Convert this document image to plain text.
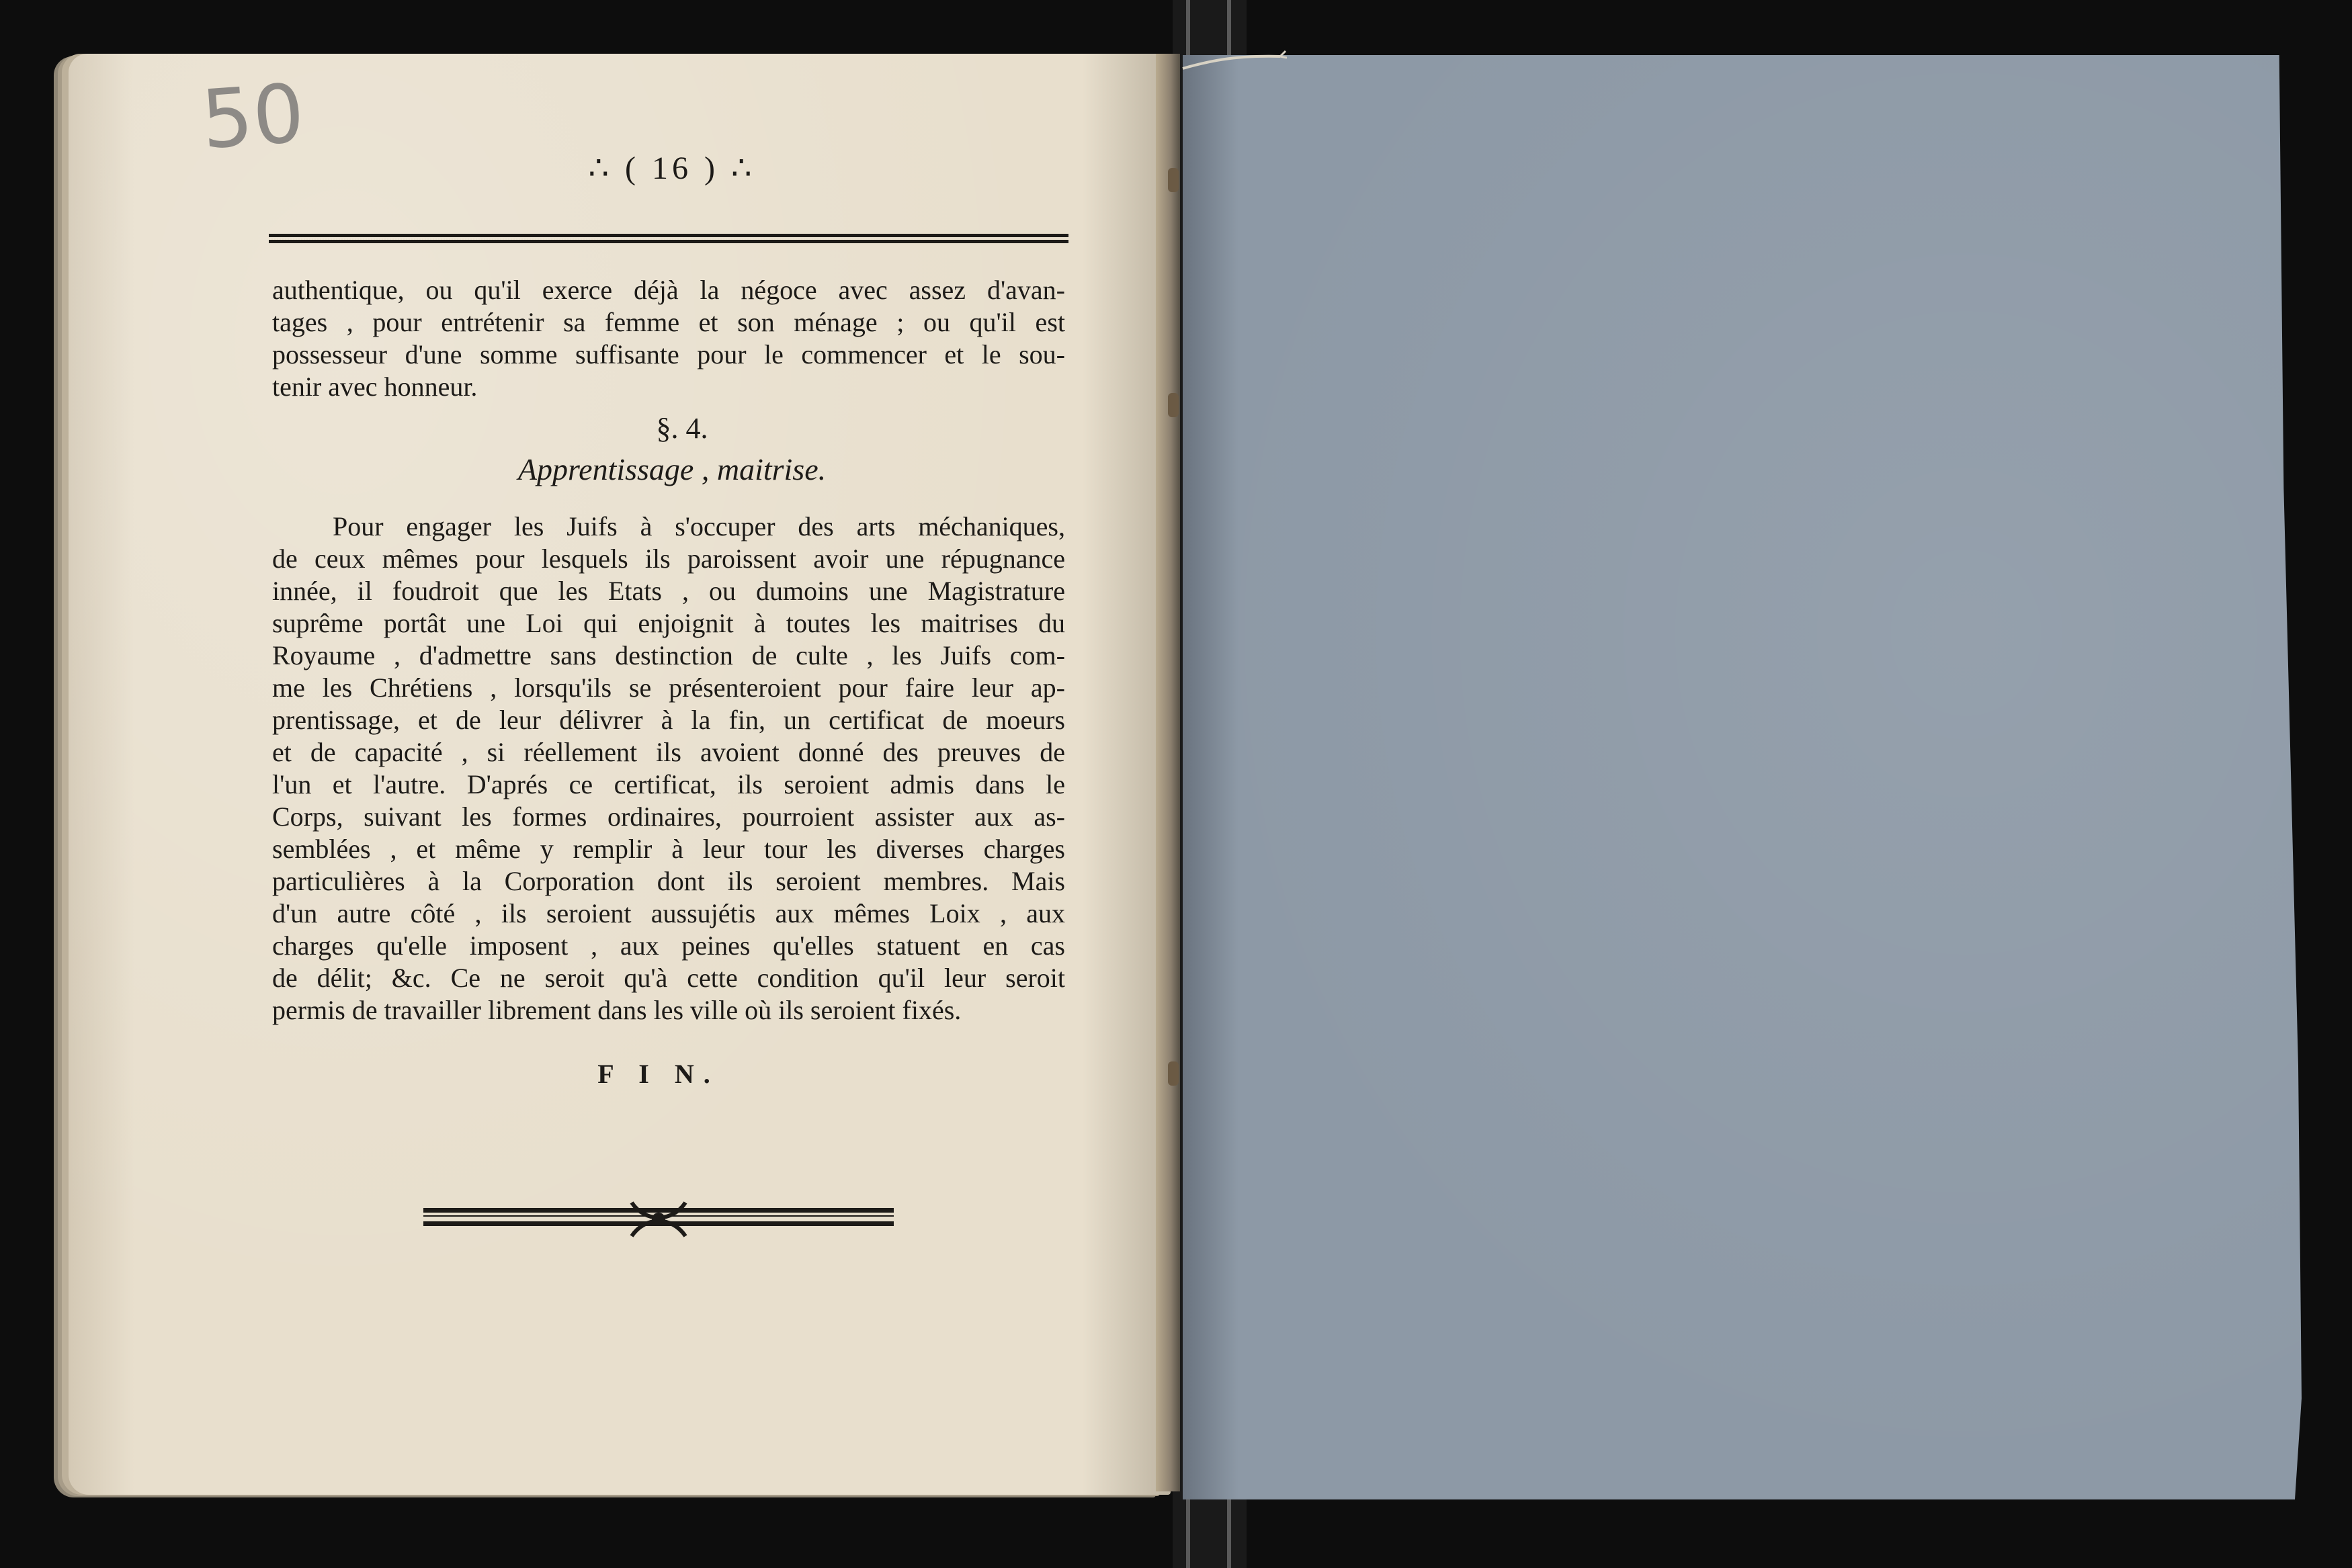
50
∴ ( 16 ) ∴
authentique, ou qu'il exerce déjà la négoce avec assez d'avan-
tages , pour entrétenir sa femme et son ménage ; ou qu'il est
possesseur d'une somme suffisante pour le commencer et le sou-
tenir avec honneur.
§. 4.
Apprentissage , maitrise.
Pour engager les Juifs à s'occuper des arts méchaniques,
de ceux mêmes pour lesquels ils paroissent avoir une répugnance
innée, il foudroit que les Etats , ou dumoins une Magistrature
suprême portât une Loi qui enjoignit à toutes les maitrises du
Royaume , d'admettre sans destinction de culte , les Juifs com-
me les Chrétiens , lorsqu'ils se présenteroient pour faire leur ap-
prentissage, et de leur délivrer à la fin, un certificat de moeurs
et de capacité , si réellement ils avoient donné des preuves de
l'un et l'autre. D'aprés ce certificat, ils seroient admis dans le
Corps, suivant les formes ordinaires, pourroient assister aux as-
semblées , et même y remplir à leur tour les diverses charges
particulières à la Corporation dont ils seroient membres. Mais
d'un autre côté , ils seroient aussujétis aux mêmes Loix , aux
charges qu'elle imposent , aux peines qu'elles statuent en cas
de délit; &c. Ce ne seroit qu'à cette condition qu'il leur seroit
permis de travailler librement dans les ville où ils seroient fixés.
F I N.
